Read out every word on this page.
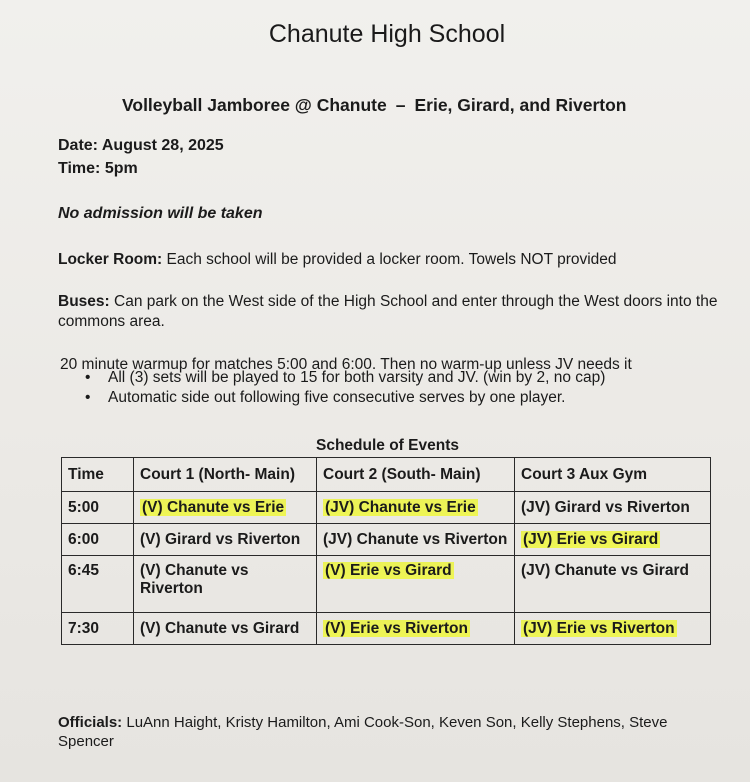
Chanute High School
Volleyball Jamboree @ Chanute – Erie, Girard, and Riverton
Date: August 28, 2025
Time: 5pm
No admission will be taken
Locker Room: Each school will be provided a locker room. Towels NOT provided
Buses: Can park on the West side of the High School and enter through the West doors into the commons area.
20 minute warmup for matches 5:00 and 6:00. Then no warm-up unless JV needs it
• All (3) sets will be played to 15 for both varsity and JV. (win by 2, no cap)
• Automatic side out following five consecutive serves by one player.
Schedule of Events
Time	Court 1 (North- Main)	Court 2 (South- Main)	Court 3 Aux Gym
5:00	(V) Chanute vs Erie	(JV) Chanute vs Erie	(JV) Girard vs Riverton
6:00	(V) Girard vs Riverton	(JV) Chanute vs Riverton	(JV) Erie vs Girard
6:45	(V) Chanute vs
Riverton	(V) Erie vs Girard	(JV) Chanute vs Girard
7:30	(V) Chanute vs Girard	(V) Erie vs Riverton	(JV) Erie vs Riverton
Officials: LuAnn Haight, Kristy Hamilton, Ami Cook-Son, Keven Son, Kelly Stephens, Steve Spencer
